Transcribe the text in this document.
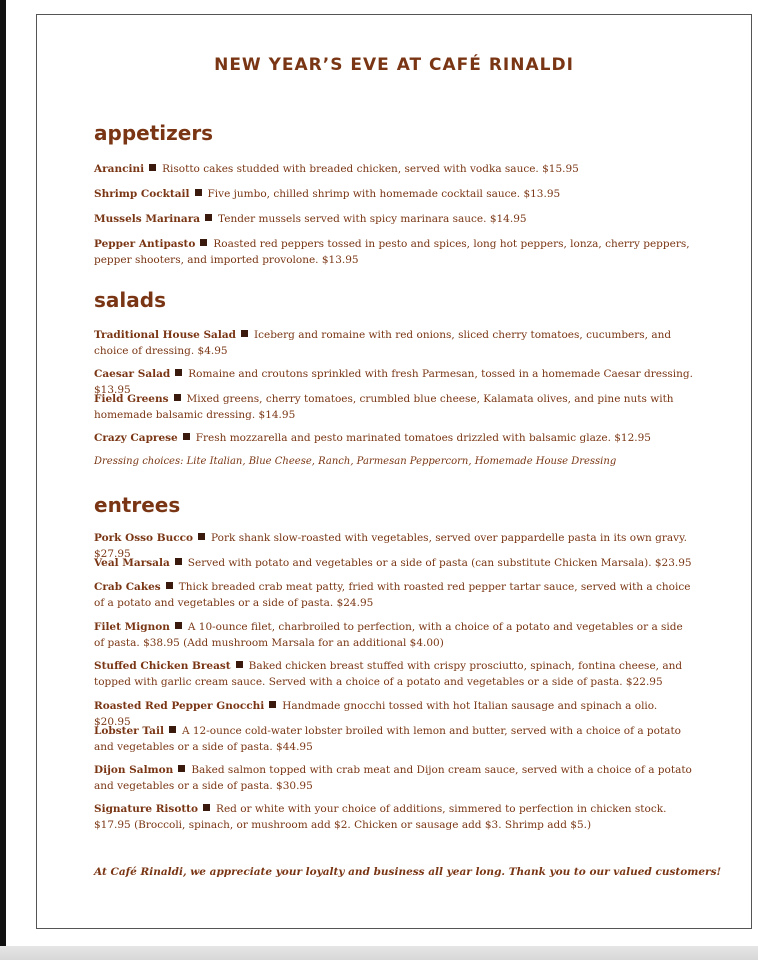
NEW YEAR’S EVE AT CAFÉ RINALDI
appetizers
Arancini Risotto cakes studded with breaded chicken, served with vodka sauce. $15.95
Shrimp Cocktail Five jumbo, chilled shrimp with homemade cocktail sauce. $13.95
Mussels Marinara Tender mussels served with spicy marinara sauce. $14.95
Pepper Antipasto Roasted red peppers tossed in pesto and spices, long hot peppers, lonza, cherry peppers, pepper shooters, and imported provolone. $13.95
salads
Traditional House Salad Iceberg and romaine with red onions, sliced cherry tomatoes, cucumbers, and choice of dressing. $4.95
Caesar Salad Romaine and croutons sprinkled with fresh Parmesan, tossed in a homemade Caesar dressing. $13.95
Field Greens Mixed greens, cherry tomatoes, crumbled blue cheese, Kalamata olives, and pine nuts with homemade balsamic dressing. $14.95
Crazy Caprese Fresh mozzarella and pesto marinated tomatoes drizzled with balsamic glaze. $12.95
Dressing choices: Lite Italian, Blue Cheese, Ranch, Parmesan Peppercorn, Homemade House Dressing
entrees
Pork Osso Bucco Pork shank slow-roasted with vegetables, served over pappardelle pasta in its own gravy. $27.95
Veal Marsala Served with potato and vegetables or a side of pasta (can substitute Chicken Marsala). $23.95
Crab Cakes Thick breaded crab meat patty, fried with roasted red pepper tartar sauce, served with a choice of a potato and vegetables or a side of pasta. $24.95
Filet Mignon A 10-ounce filet, charbroiled to perfection, with a choice of a potato and vegetables or a side of pasta. $38.95 (Add mushroom Marsala for an additional $4.00)
Stuffed Chicken Breast Baked chicken breast stuffed with crispy prosciutto, spinach, fontina cheese, and topped with garlic cream sauce. Served with a choice of a potato and vegetables or a side of pasta. $22.95
Roasted Red Pepper Gnocchi Handmade gnocchi tossed with hot Italian sausage and spinach a olio. $20.95
Lobster Tail A 12-ounce cold-water lobster broiled with lemon and butter, served with a choice of a potato and vegetables or a side of pasta. $44.95
Dijon Salmon Baked salmon topped with crab meat and Dijon cream sauce, served with a choice of a potato and vegetables or a side of pasta. $30.95
Signature Risotto Red or white with your choice of additions, simmered to perfection in chicken stock. $17.95 (Broccoli, spinach, or mushroom add $2. Chicken or sausage add $3. Shrimp add $5.)
At Café Rinaldi, we appreciate your loyalty and business all year long. Thank you to our valued customers!
